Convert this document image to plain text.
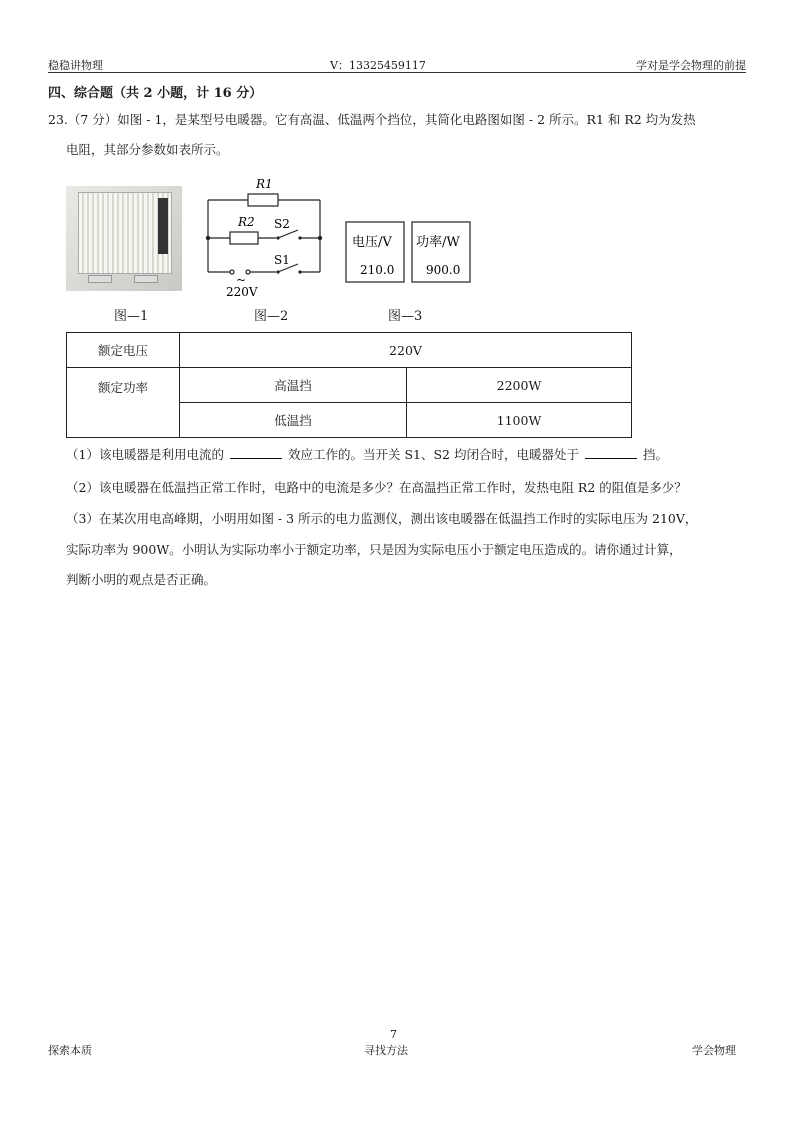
稳稳讲物理	V：13325459117	学对是学会物理的前提
四、综合题（共 2 小题，计 16 分）
23.（7 分）如图 - 1，是某型号电暖器。它有高温、低温两个挡位，其简化电路图如图 - 2 所示。R1 和 R2 均为发热
电阻，其部分参数如表所示。
R1
R2 S2
S1
~
220V
电压/V
210.0
功率/W
900.0
图—1	图—2	图—3
额定电压	220V	
额定功率	高温挡	2200W
	低温挡	1100W
（1）该电暖器是利用电流的	效应工作的。当开关 S1、S2 均闭合时，电暖器处于	挡。
（2）该电暖器在低温挡正常工作时，电路中的电流是多少？在高温挡正常工作时，发热电阻 R2 的阻值是多少？
（3）在某次用电高峰期，小明用如图 - 3 所示的电力监测仪，测出该电暖器在低温挡工作时的实际电压为 210V，
实际功率为 900W。小明认为实际功率小于额定功率，只是因为实际电压小于额定电压造成的。请你通过计算，
判断小明的观点是否正确。
7
探索本质	寻找方法	学会物理
